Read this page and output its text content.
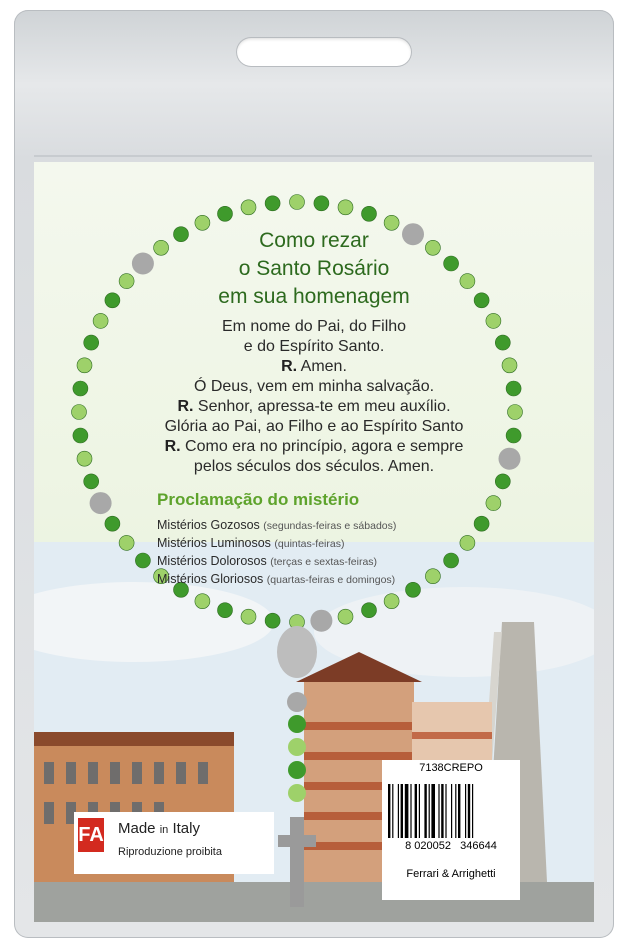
Como rezar
o Santo Rosário
em sua homenagem
Em nome do Pai, do Filho
e do Espírito Santo.
R. Amen.
Ó Deus, vem em minha salvação.
R. Senhor, apressa-te em meu auxílio.
Glória ao Pai, ao Filho e ao Espírito Santo
R. Como era no princípio, agora e sempre
pelos séculos dos séculos. Amen.
Proclamação do mistério
Mistérios Gozosos (segundas-feiras e sábados)
Mistérios Luminosos (quintas-feiras)
Mistérios Dolorosos (terças e sextas-feiras)
Mistérios Gloriosos (quartas-feiras e domingos)
FA Made in Italy
Riproduzione proibita
7138CREPO
8 020052 346644
Ferrari & Arrighetti
